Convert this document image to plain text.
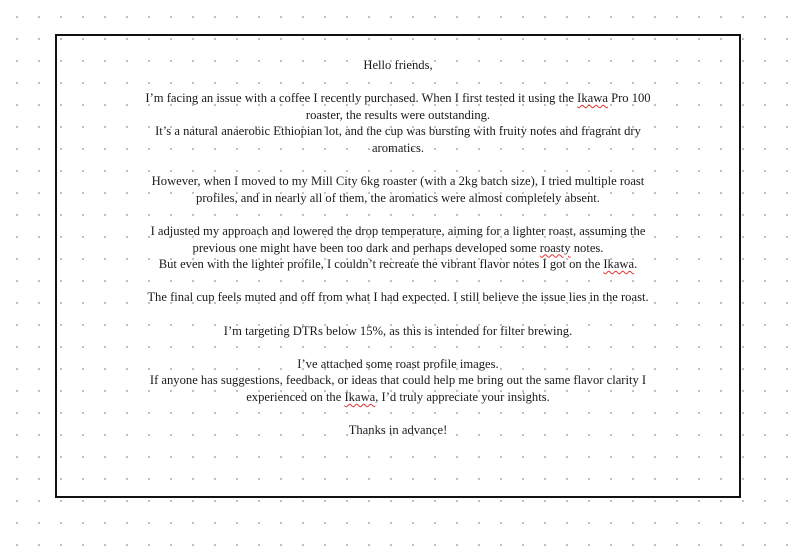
Hello friends,
I’m facing an issue with a coffee I recently purchased. When I first tested it using the Ikawa Pro 100
roaster, the results were outstanding.
It’s a natural anaerobic Ethiopian lot, and the cup was bursting with fruity notes and fragrant dry
aromatics.
However, when I moved to my Mill City 6kg roaster (with a 2kg batch size), I tried multiple roast
profiles, and in nearly all of them, the aromatics were almost completely absent.
I adjusted my approach and lowered the drop temperature, aiming for a lighter roast, assuming the
previous one might have been too dark and perhaps developed some roasty notes.
But even with the lighter profile, I couldn’t recreate the vibrant flavor notes I got on the Ikawa.
The final cup feels muted and off from what I had expected. I still believe the issue lies in the roast.
I’m targeting DTRs below 15%, as this is intended for filter brewing.
I’ve attached some roast profile images.
If anyone has suggestions, feedback, or ideas that could help me bring out the same flavor clarity I
experienced on the Ikawa, I’d truly appreciate your insights.
Thanks in advance!
